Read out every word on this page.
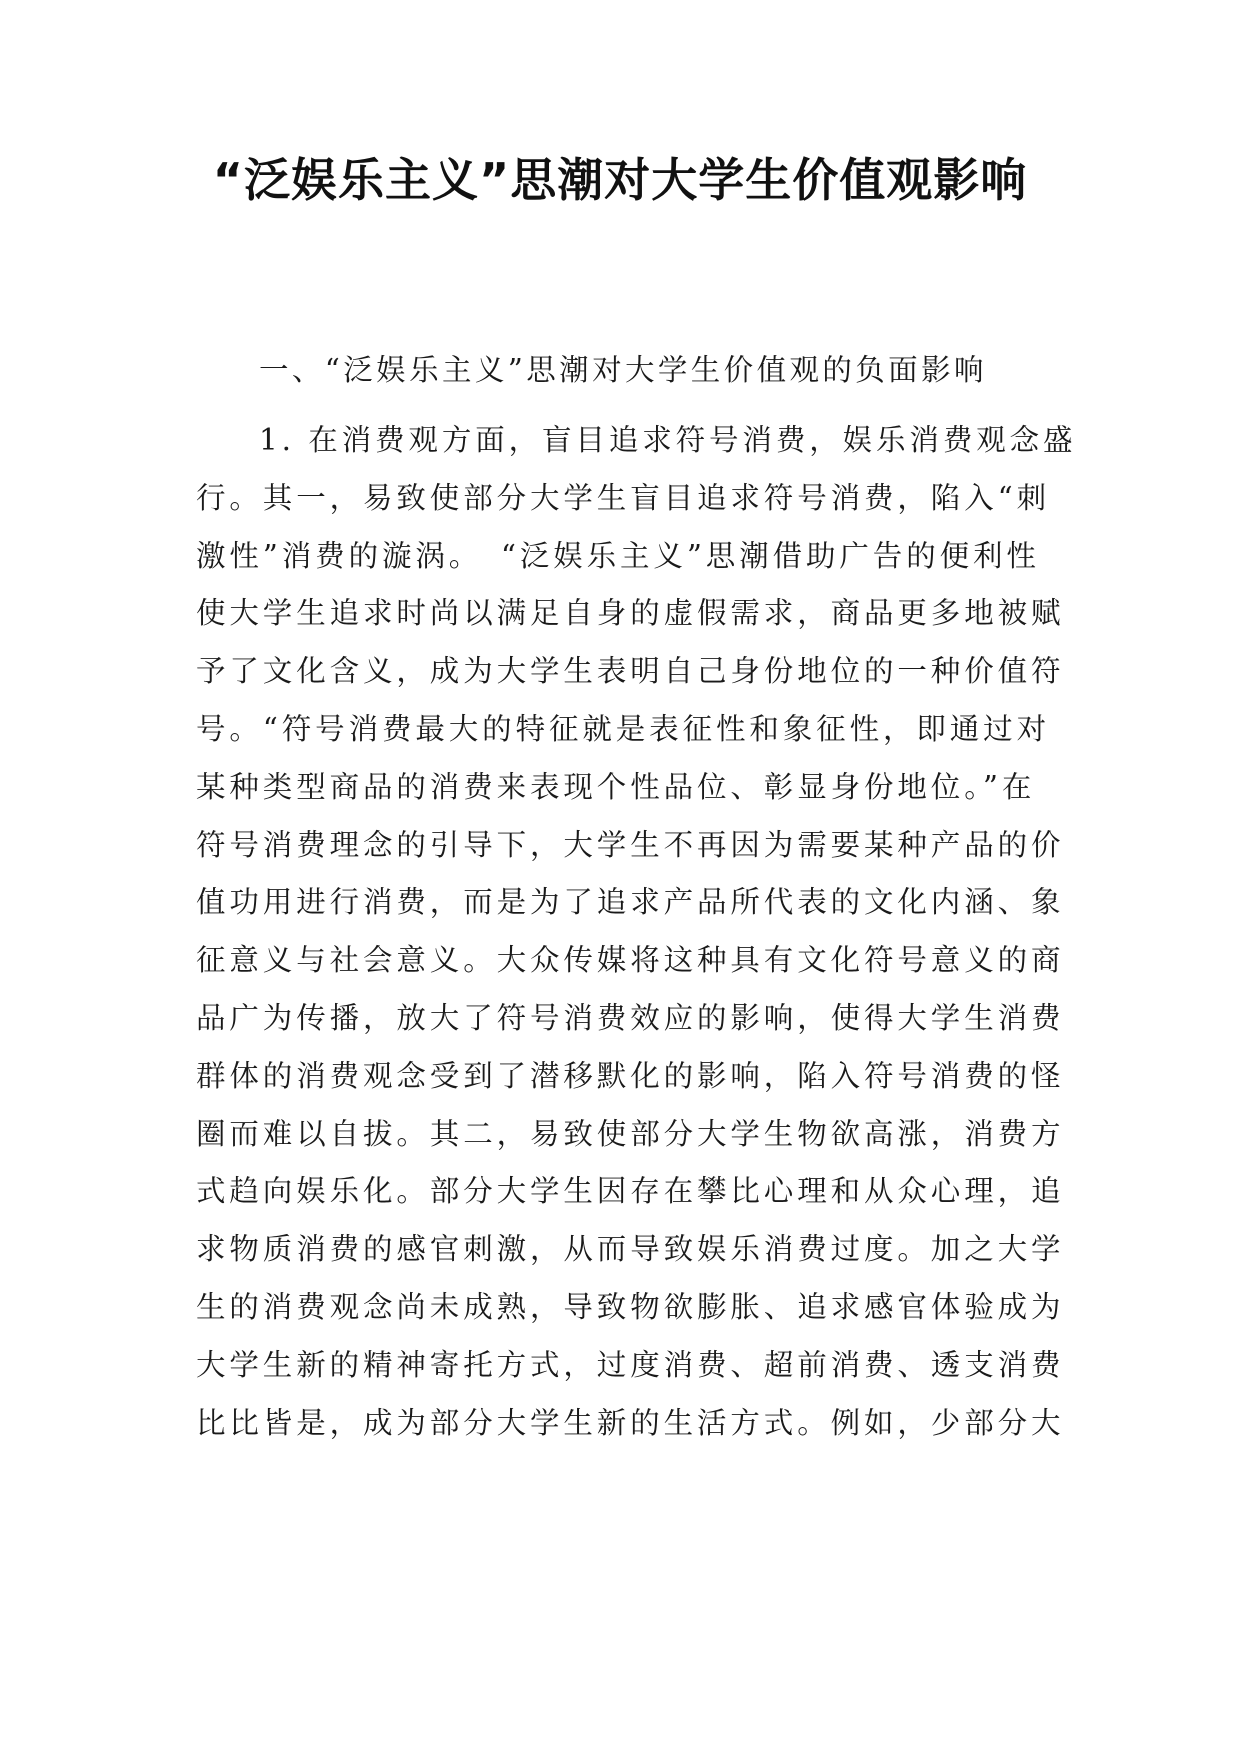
“泛娱乐主义”思潮对大学生价值观影响

一、“泛娱乐主义”思潮对大学生价值观的负面影响

1. 在消费观方面，盲目追求符号消费，娱乐消费观念盛
行。其一，易致使部分大学生盲目追求符号消费，陷入“刺
激性”消费的漩涡。　“泛娱乐主义”思潮借助广告的便利性
使大学生追求时尚以满足自身的虚假需求，商品更多地被赋
予了文化含义，成为大学生表明自己身份地位的一种价值符
号。“符号消费最大的特征就是表征性和象征性，即通过对
某种类型商品的消费来表现个性品位、彰显身份地位。”在
符号消费理念的引导下，大学生不再因为需要某种产品的价
值功用进行消费，而是为了追求产品所代表的文化内涵、象
征意义与社会意义。大众传媒将这种具有文化符号意义的商
品广为传播，放大了符号消费效应的影响，使得大学生消费
群体的消费观念受到了潜移默化的影响，陷入符号消费的怪
圈而难以自拔。其二，易致使部分大学生物欲高涨，消费方
式趋向娱乐化。部分大学生因存在攀比心理和从众心理，追
求物质消费的感官刺激，从而导致娱乐消费过度。加之大学
生的消费观念尚未成熟，导致物欲膨胀、追求感官体验成为
大学生新的精神寄托方式，过度消费、超前消费、透支消费
比比皆是，成为部分大学生新的生活方式。例如，少部分大
